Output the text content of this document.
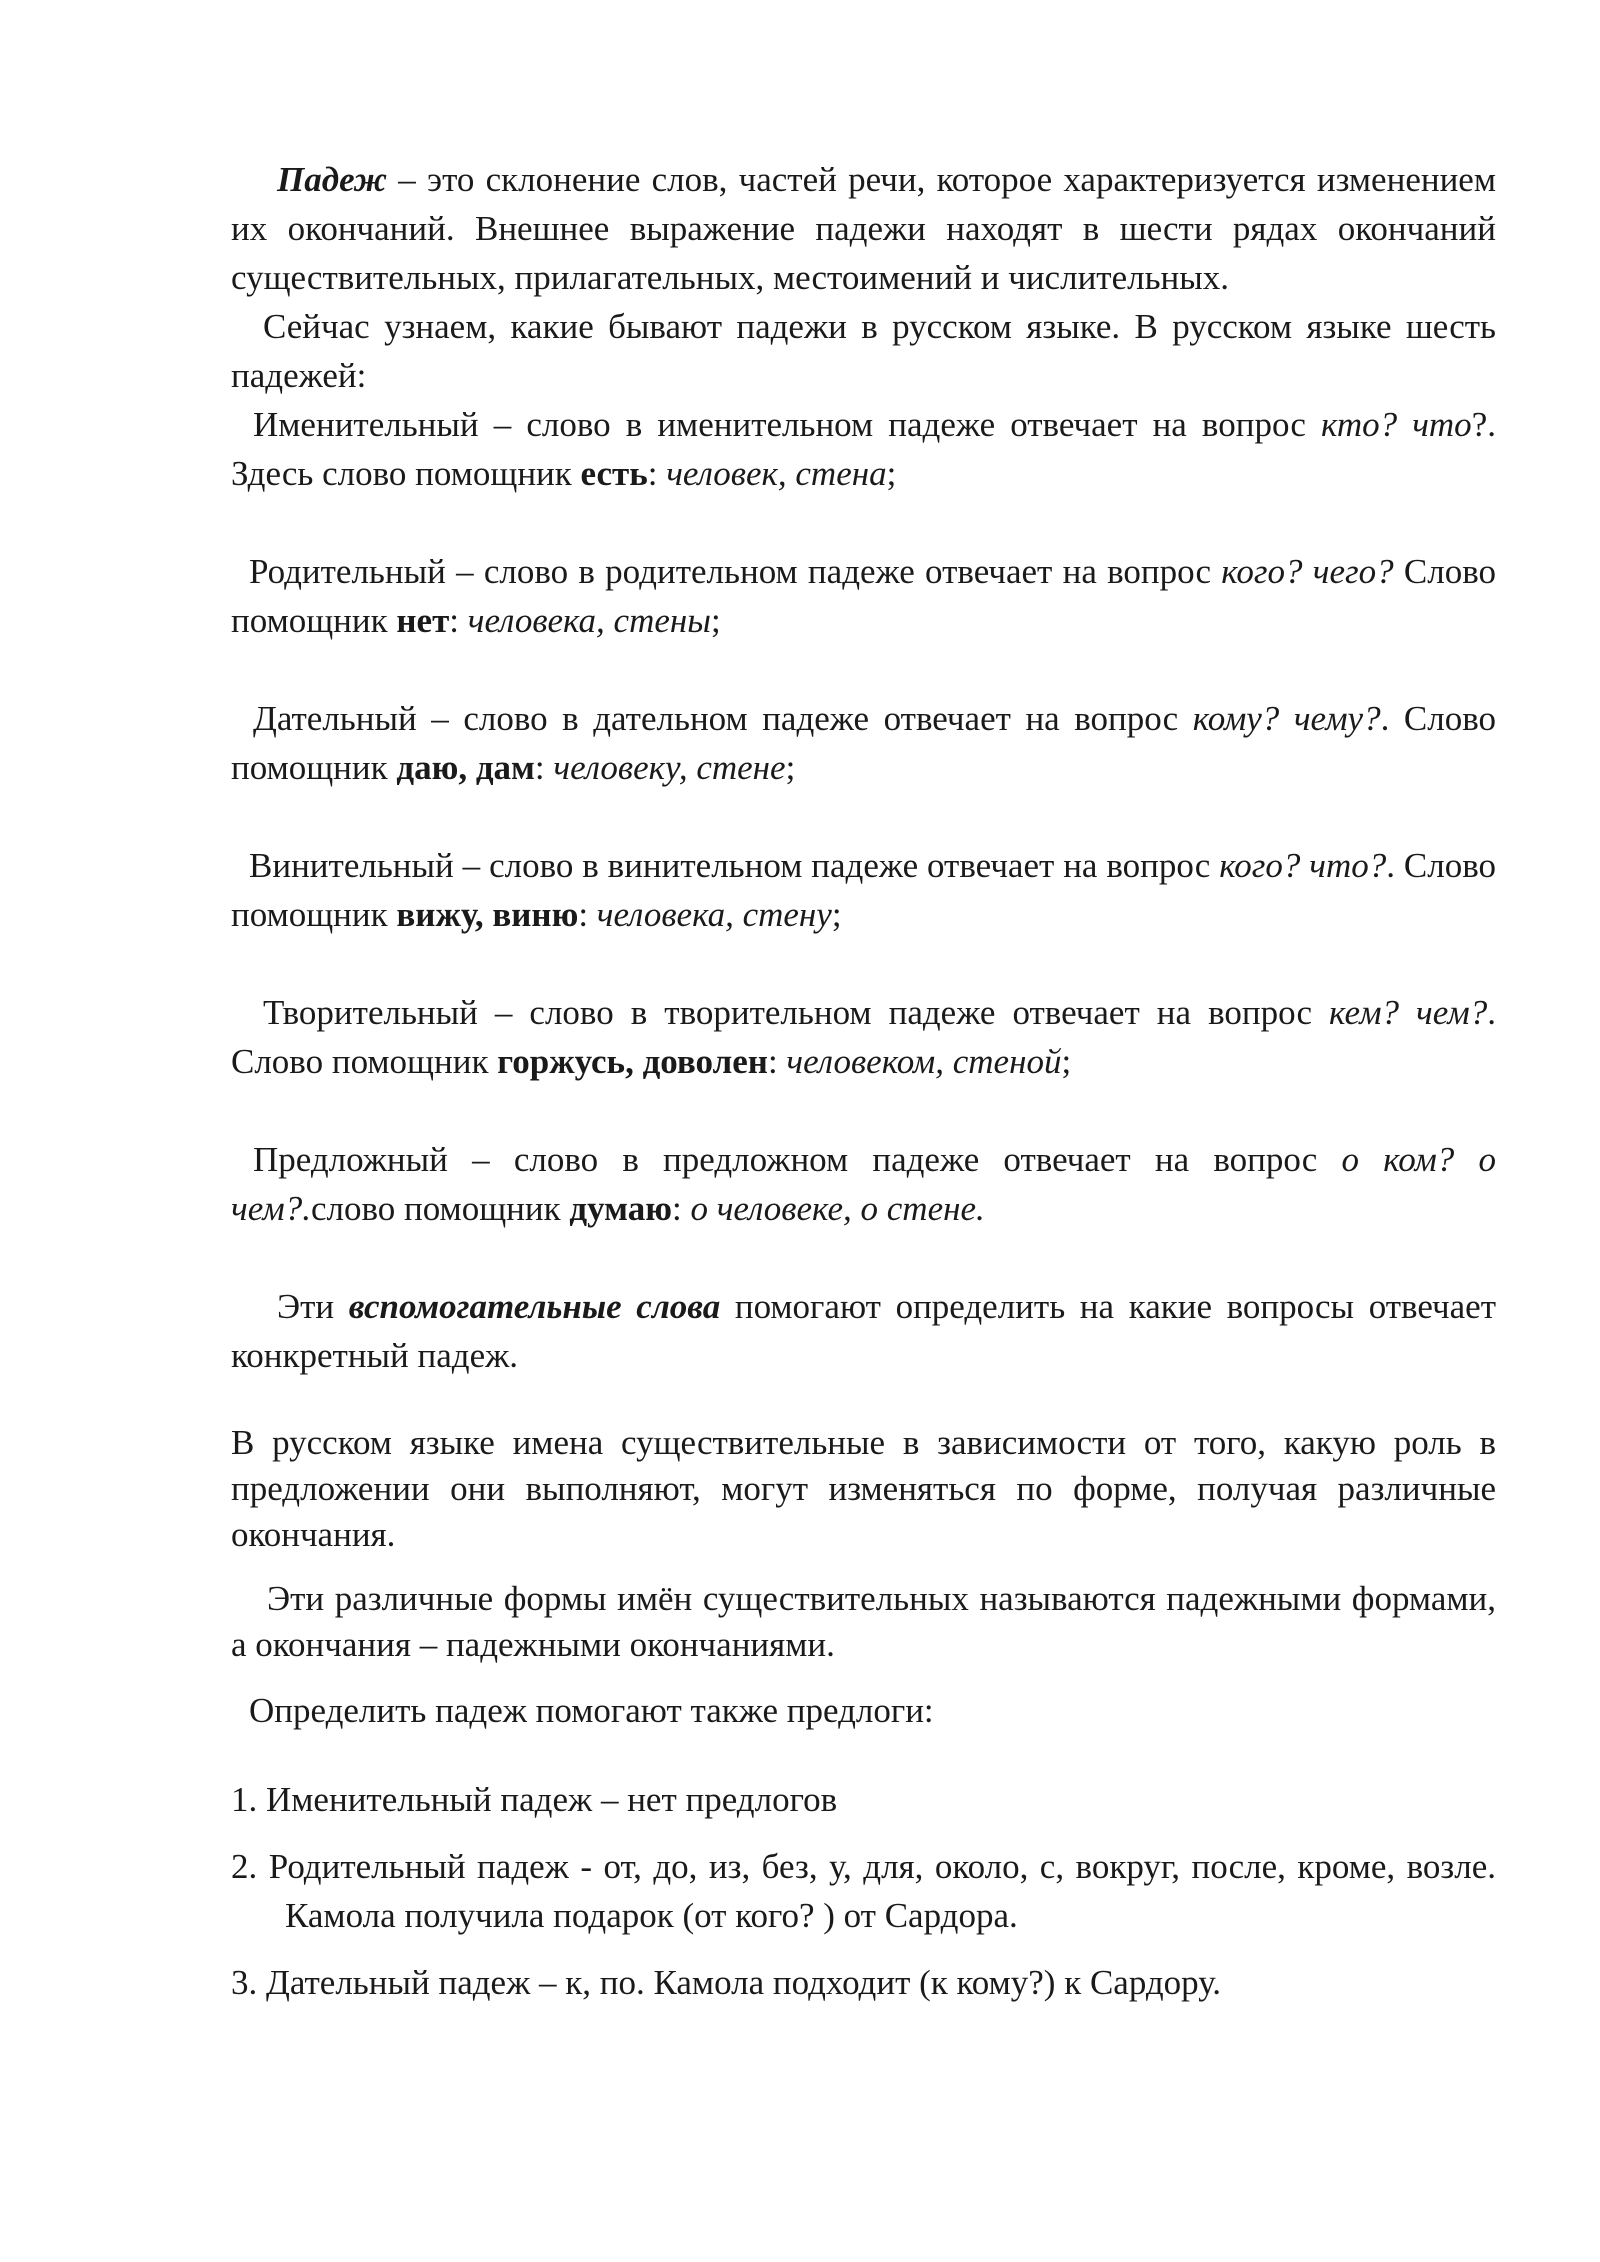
Падеж – это склонение слов, частей речи, которое характеризуется изменением их окончаний. Внешнее выражение падежи находят в шести рядах окончаний существительных, прилагательных, местоимений и числительных.

Сейчас узнаем, какие бывают падежи в русском языке. В русском языке шесть падежей:

Именительный – слово в именительном падеже отвечает на вопрос кто? что?. Здесь слово помощник есть: человек, стена;

Родительный – слово в родительном падеже отвечает на вопрос кого? чего? Слово помощник нет: человека, стены;

Дательный – слово в дательном падеже отвечает на вопрос кому? чему?. Слово помощник даю, дам: человеку, стене;

Винительный – слово в винительном падеже отвечает на вопрос кого? что?. Слово помощник вижу, виню: человека, стену;

Творительный – слово в творительном падеже отвечает на вопрос кем? чем?. Слово помощник горжусь, доволен: человеком, стеной;

Предложный – слово в предложном падеже отвечает на вопрос о ком? о чем?.слово помощник думаю: о человеке, о стене.

Эти вспомогательные слова помогают определить на какие вопросы отвечает конкретный падеж.

В русском языке имена существительные в зависимости от того, какую роль в предложении они выполняют, могут изменяться по форме, получая различные окончания.

Эти различные формы имён существительных называются падежными формами, а окончания – падежными окончаниями.

Определить падеж помогают также предлоги:

1. Именительный падеж – нет предлогов

2. Родительный падеж - от, до, из, без, у, для, около, с, вокруг, после, кроме, возле.Камола получила подарок (от кого? ) от Сардора.

3. Дательный падеж – к, по. Камола подходит (к кому?) к Сардору.
